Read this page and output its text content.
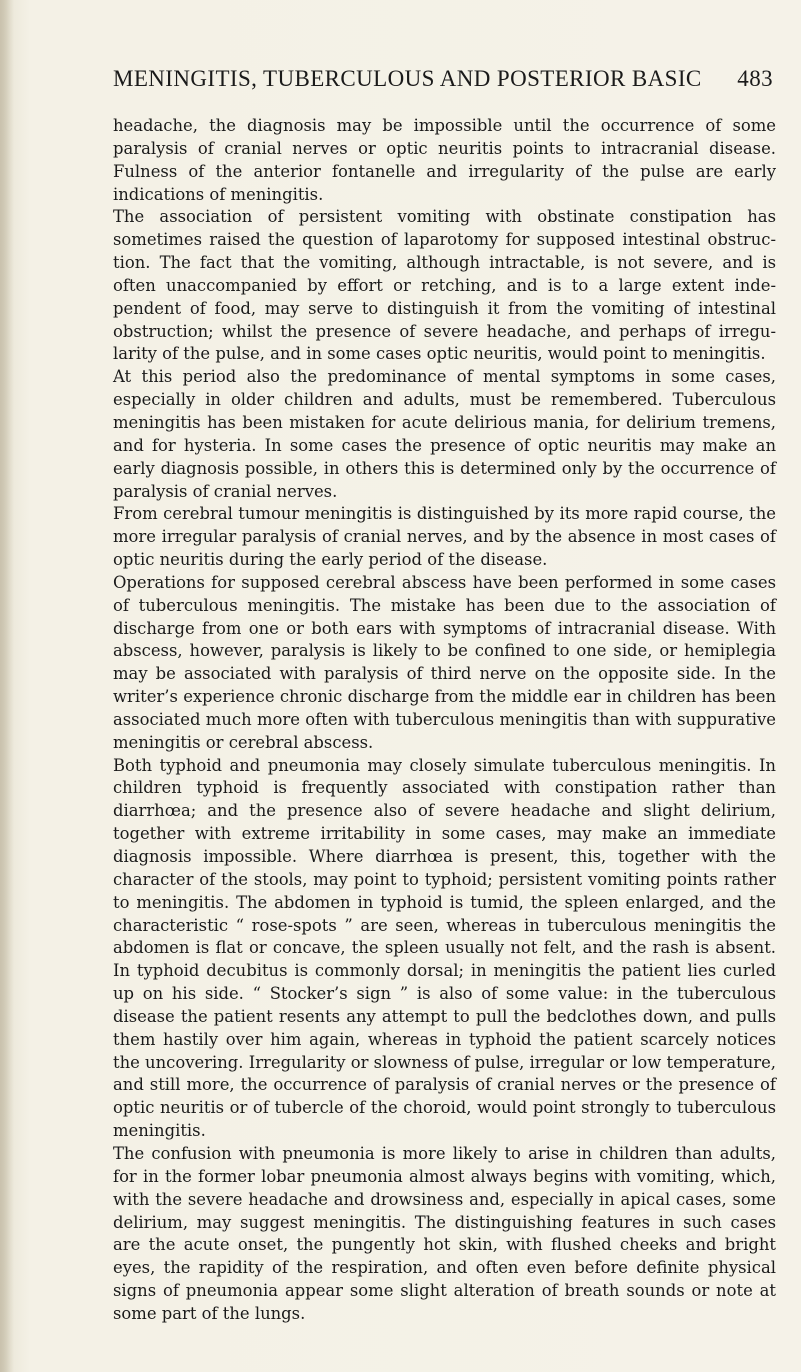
MENINGITIS, TUBERCULOUS AND POSTERIOR BASIC 483

headache, the diagnosis may be impossible until the occurrence of some paralysis of cranial nerves or optic neuritis points to intracranial disease. Fulness of the anterior fontanelle and irregularity of the pulse are early indications of meningitis.

The association of persistent vomiting with obstinate constipation has sometimes raised the question of laparotomy for supposed intestinal obstruction. The fact that the vomiting, although intractable, is not severe, and is often unaccompanied by effort or retching, and is to a large extent independent of food, may serve to distinguish it from the vomiting of intestinal obstruction; whilst the presence of severe headache, and perhaps of irregularity of the pulse, and in some cases optic neuritis, would point to meningitis.

At this period also the predominance of mental symptoms in some cases, especially in older children and adults, must be remembered. Tuberculous meningitis has been mistaken for acute delirious mania, for delirium tremens, and for hysteria. In some cases the presence of optic neuritis may make an early diagnosis possible, in others this is determined only by the occurrence of paralysis of cranial nerves.

From cerebral tumour meningitis is distinguished by its more rapid course, the more irregular paralysis of cranial nerves, and by the absence in most cases of optic neuritis during the early period of the disease.

Operations for supposed cerebral abscess have been performed in some cases of tuberculous meningitis. The mistake has been due to the association of discharge from one or both ears with symptoms of intracranial disease. With abscess, however, paralysis is likely to be confined to one side, or hemiplegia may be associated with paralysis of third nerve on the opposite side. In the writer’s experience chronic discharge from the middle ear in children has been associated much more often with tuberculous meningitis than with suppurative meningitis or cerebral abscess.

Both typhoid and pneumonia may closely simulate tuberculous meningitis. In children typhoid is frequently associated with constipation rather than diarrhœa; and the presence also of severe headache and slight delirium, together with extreme irritability in some cases, may make an immediate diagnosis impossible. Where diarrhœa is present, this, together with the character of the stools, may point to typhoid; persistent vomiting points rather to meningitis. The abdomen in typhoid is tumid, the spleen enlarged, and the characteristic “ rose-spots ” are seen, whereas in tuberculous meningitis the abdomen is flat or concave, the spleen usually not felt, and the rash is absent. In typhoid decubitus is commonly dorsal; in meningitis the patient lies curled up on his side. “ Stocker’s sign ” is also of some value: in the tuberculous disease the patient resents any attempt to pull the bedclothes down, and pulls them hastily over him again, whereas in typhoid the patient scarcely notices the uncovering. Irregularity or slowness of pulse, irregular or low temperature, and still more, the occurrence of paralysis of cranial nerves or the presence of optic neuritis or of tubercle of the choroid, would point strongly to tuberculous meningitis.

The confusion with pneumonia is more likely to arise in children than adults, for in the former lobar pneumonia almost always begins with vomiting, which, with the severe headache and drowsiness and, especially in apical cases, some delirium, may suggest meningitis. The distinguishing features in such cases are the acute onset, the pungently hot skin, with flushed cheeks and bright eyes, the rapidity of the respiration, and often even before definite physical signs of pneumonia appear some slight alteration of breath sounds or note at some part of the lungs.
